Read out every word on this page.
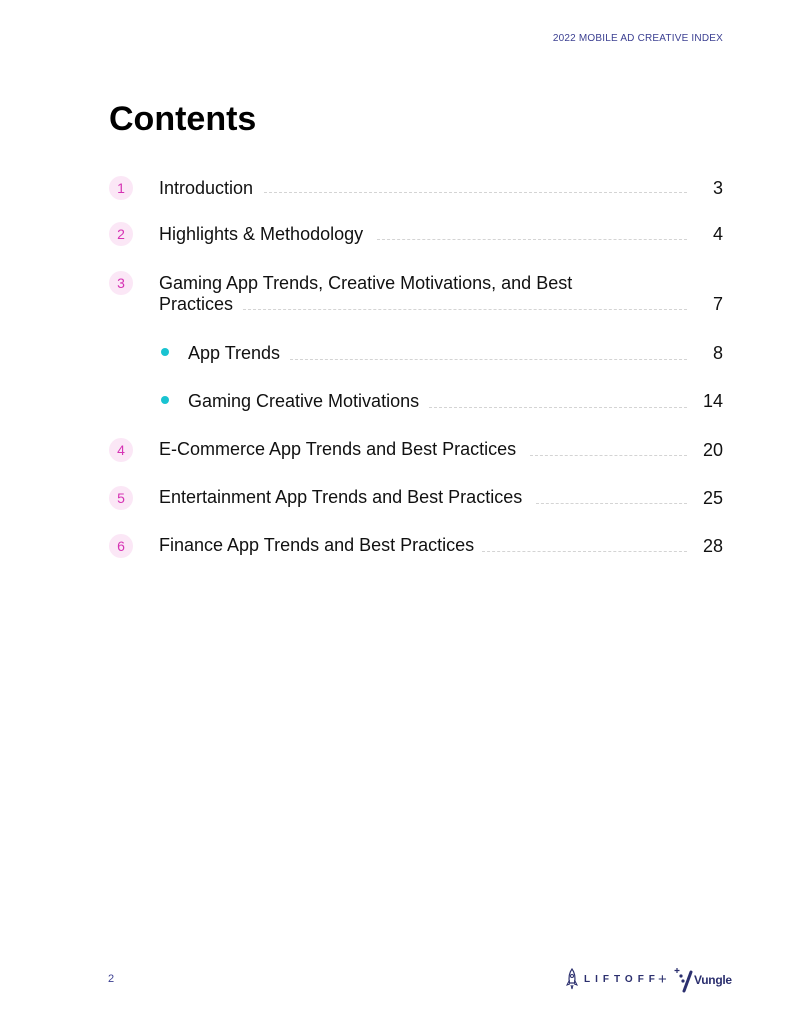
2022 MOBILE AD CREATIVE INDEX
Contents
1	Introduction	3
2	Highlights & Methodology	4
3	Gaming App Trends, Creative Motivations, and Best
Practices	7
App Trends	8
Gaming Creative Motivations	14
4	E-Commerce App Trends and Best Practices	20
5	Entertainment App Trends and Best Practices	25
6	Finance App Trends and Best Practices	28
2	LIFTOFF
+ Vungle
